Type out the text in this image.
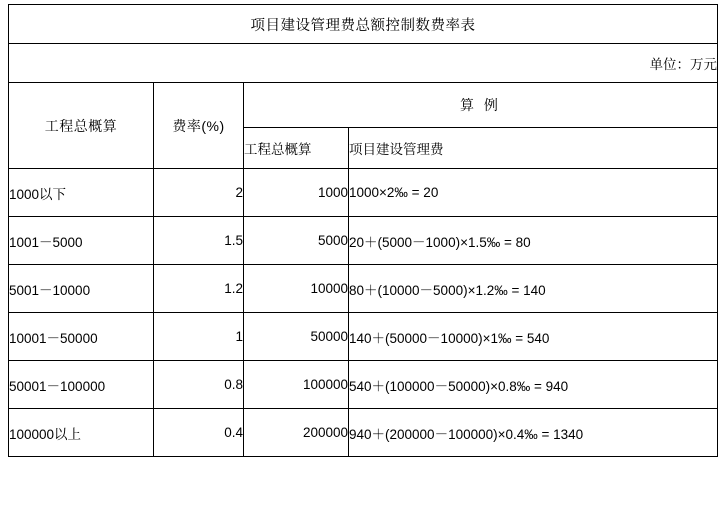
项目建设管理费总额控制数费率表			
单位：万元			
工程总概算	费率(%)	算 例	
		工程总概算	项目建设管理费
1000以下	2	1000	1000×2‰ = 20
1001－5000	1.5	5000	20＋(5000－1000)×1.5‰ = 80
5001－10000	1.2	10000	80＋(10000－5000)×1.2‰ = 140
10001－50000	1	50000	140＋(50000－10000)×1‰ = 540
50001－100000	0.8	100000	540＋(100000－50000)×0.8‰ = 940
100000以上	0.4	200000	940＋(200000－100000)×0.4‰ = 1340
